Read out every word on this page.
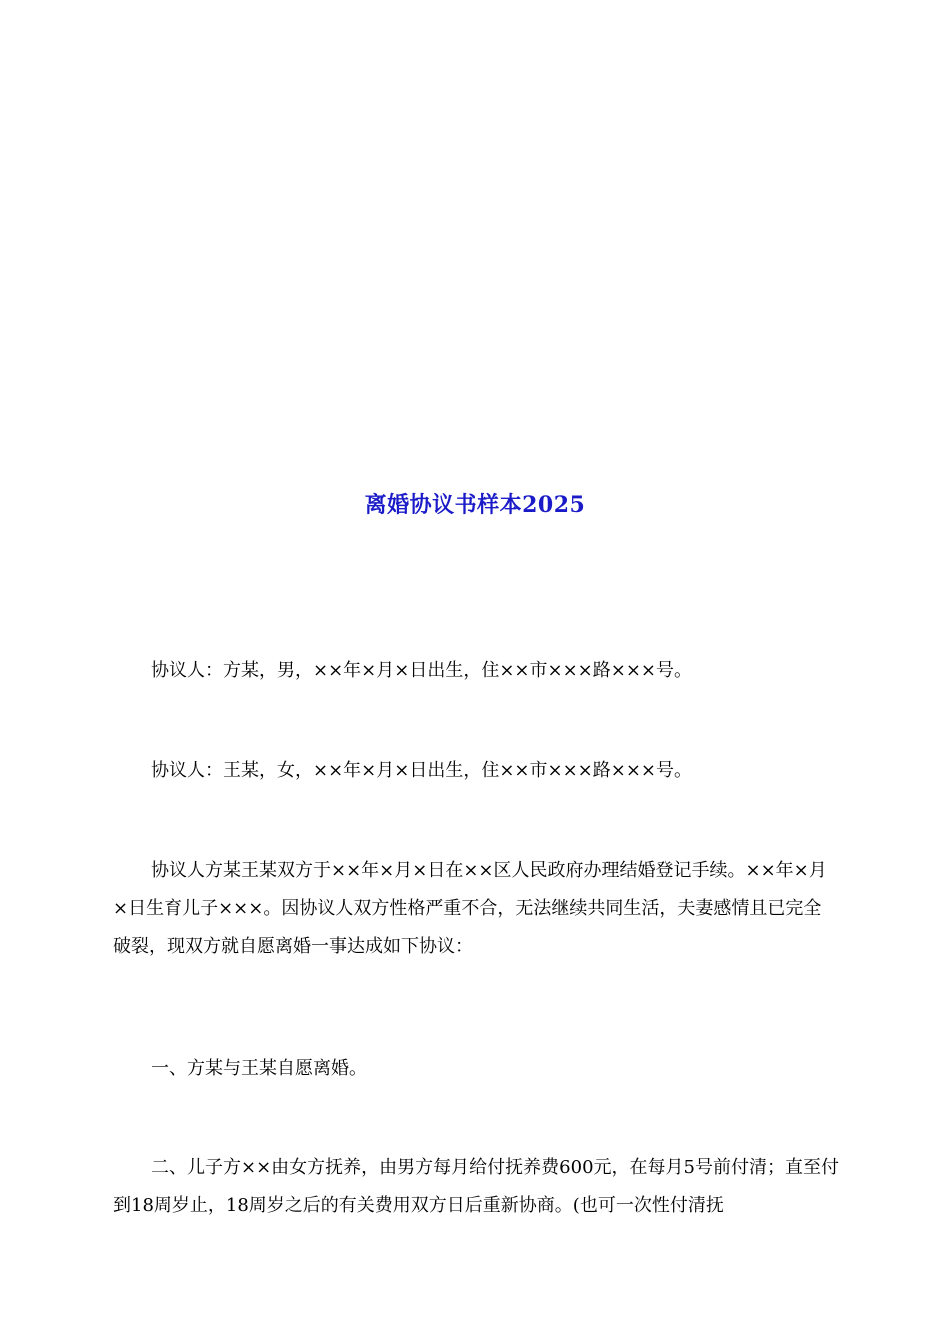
离婚协议书样本2025

协议人：方某，男，××年×月×日出生，住××市×××路×××号。

协议人：王某，女，××年×月×日出生，住××市×××路×××号。

协议人方某王某双方于××年×月×日在××区人民政府办理结婚登记手续。××年×月×日生育儿子×××。因协议人双方性格严重不合，无法继续共同生活，夫妻感情且已完全破裂，现双方就自愿离婚一事达成如下协议：

一、方某与王某自愿离婚。

二、儿子方××由女方抚养，由男方每月给付抚养费600元，在每月5号前付清；直至付到18周岁止，18周岁之后的有关费用双方日后重新协商。(也可一次性付清抚
